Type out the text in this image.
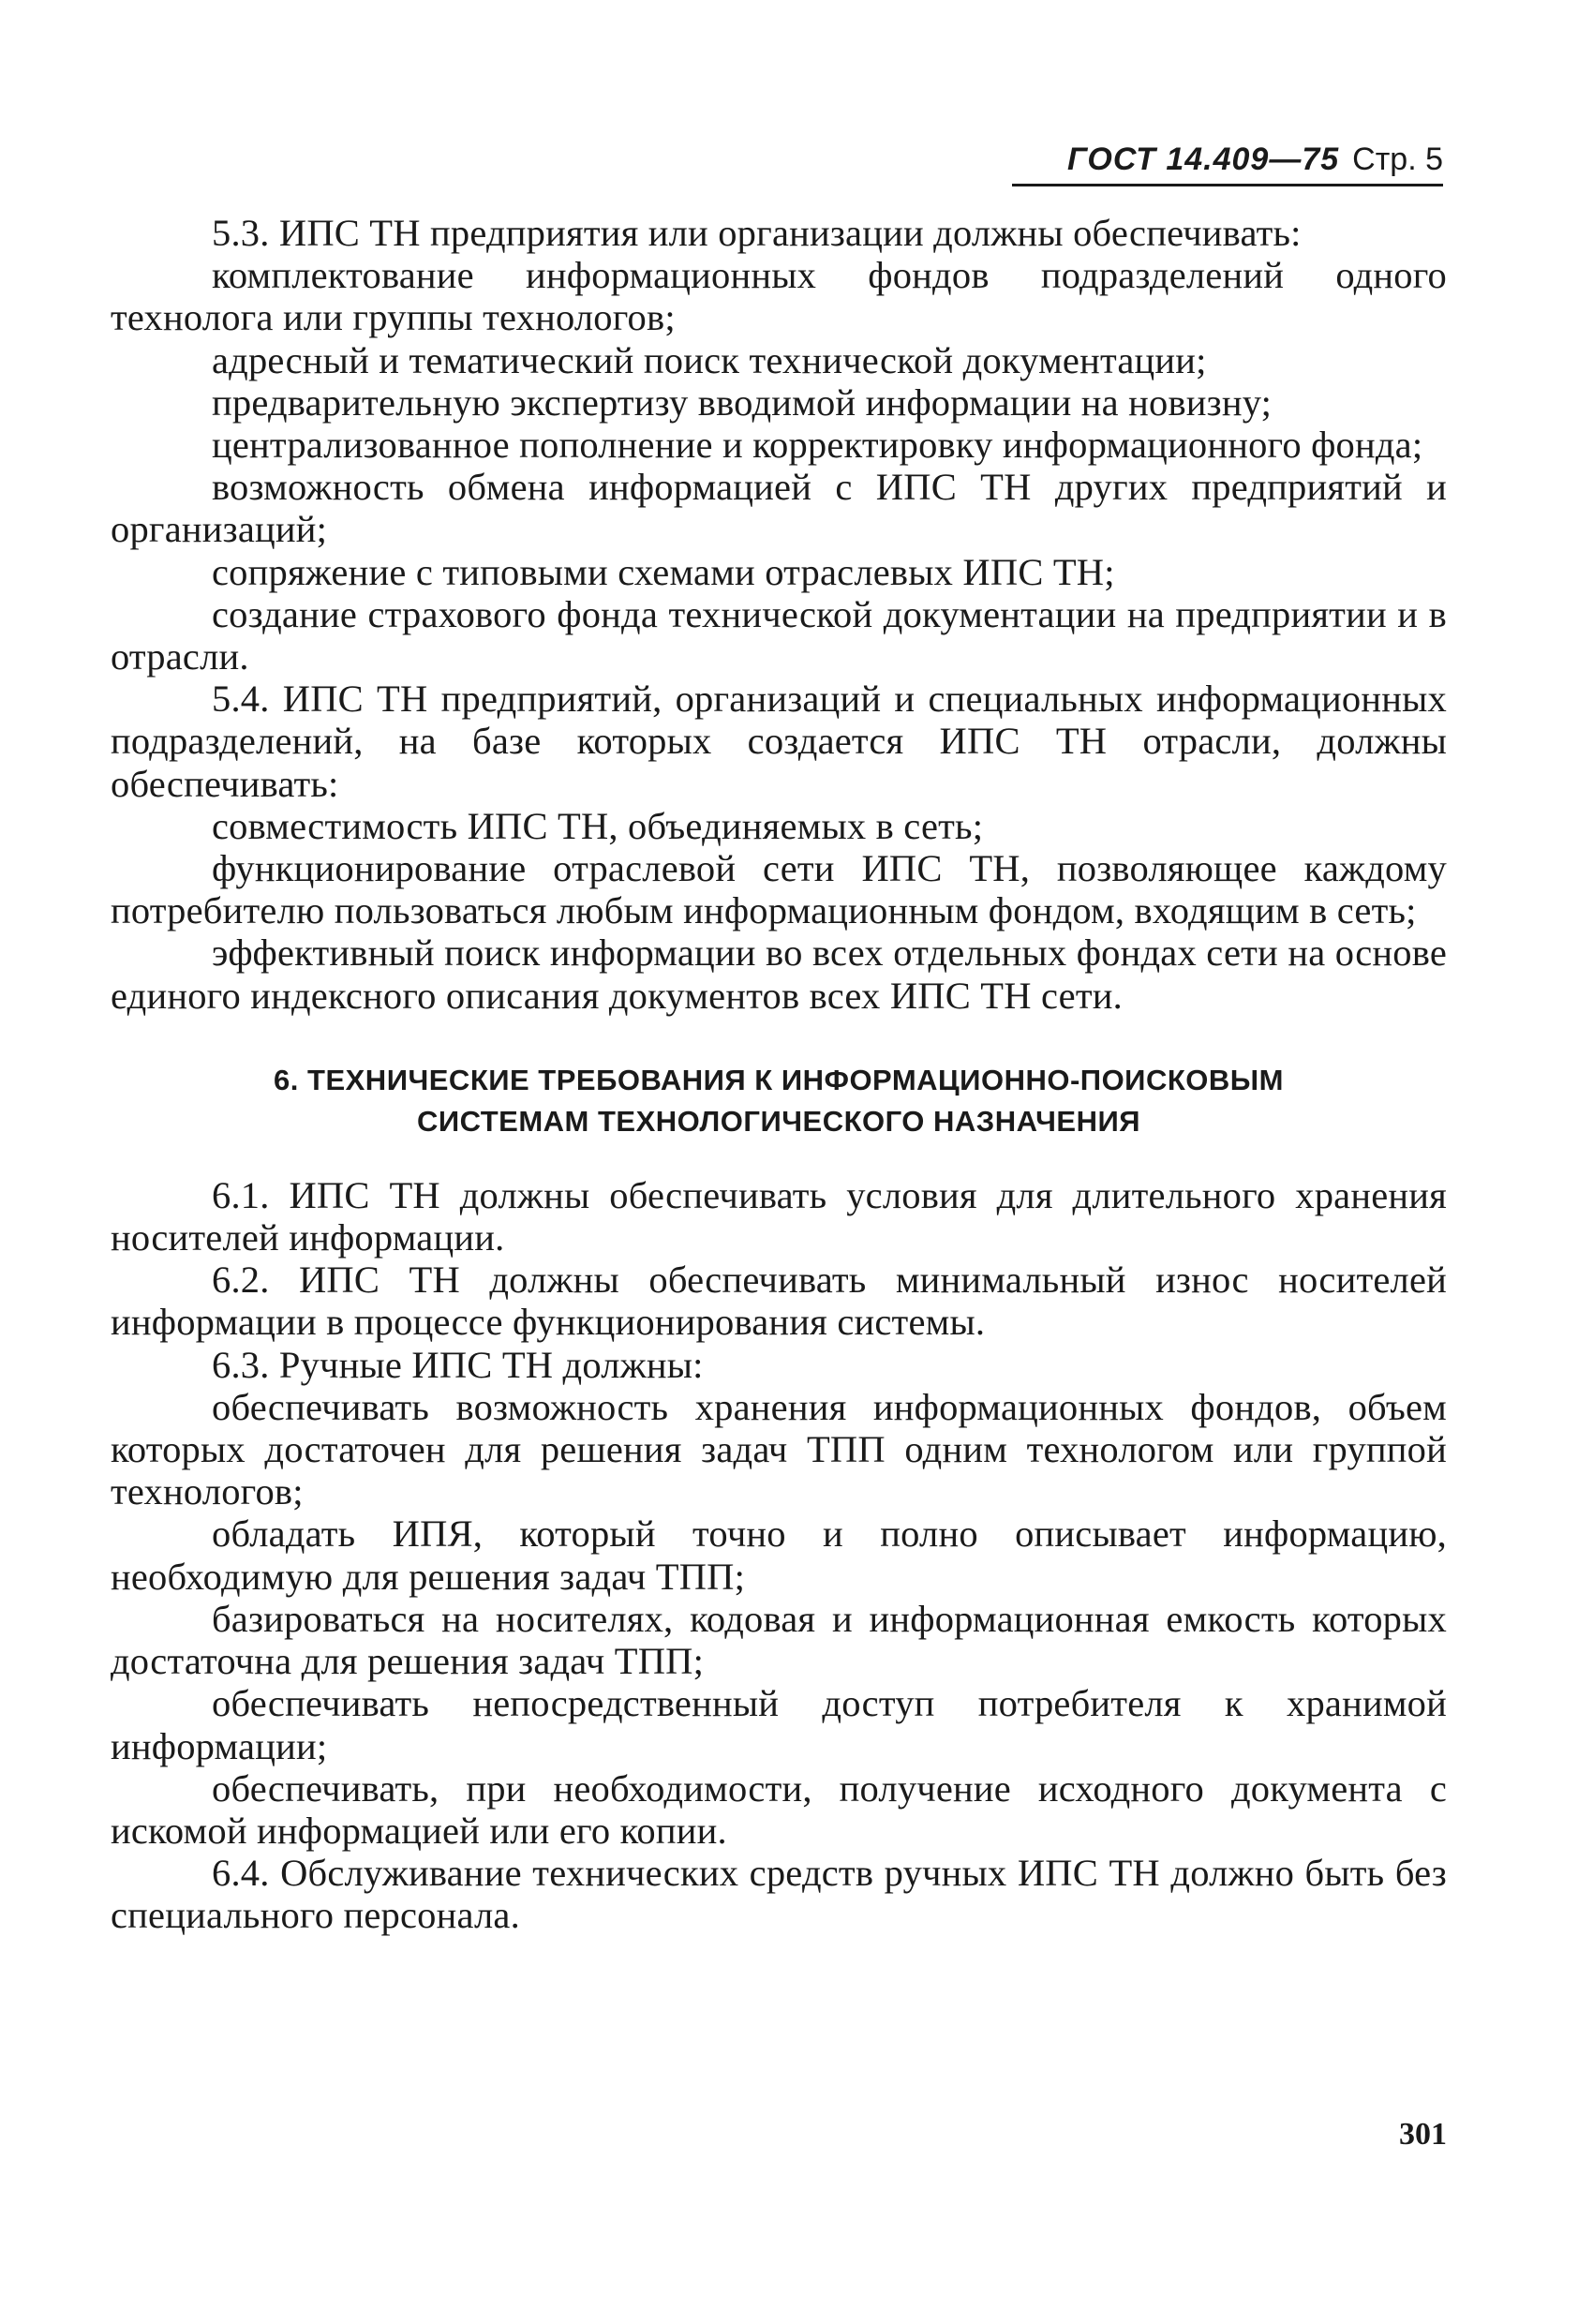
ГОСТ 14.409—75 Стр. 5

5.3. ИПС ТН предприятия или организации должны обеспечивать:

комплектование информационных фондов подразделений одного технолога или группы технологов;

адресный и тематический поиск технической документации;

предварительную экспертизу вводимой информации на новизну;

централизованное пополнение и корректировку информационного фонда;

возможность обмена информацией с ИПС ТН других предприятий и организаций;

сопряжение с типовыми схемами отраслевых ИПС ТН;

создание страхового фонда технической документации на предприятии и в отрасли.

5.4. ИПС ТН предприятий, организаций и специальных информационных подразделений, на базе которых создается ИПС ТН отрасли, должны обеспечивать:

совместимость ИПС ТН, объединяемых в сеть;

функционирование отраслевой сети ИПС ТН, позволяющее каждому потребителю пользоваться любым информационным фондом, входящим в сеть;

эффективный поиск информации во всех отдельных фондах сети на основе единого индексного описания документов всех ИПС ТН сети.

6. ТЕХНИЧЕСКИЕ ТРЕБОВАНИЯ К ИНФОРМАЦИОННО-ПОИСКОВЫМ
СИСТЕМАМ ТЕХНОЛОГИЧЕСКОГО НАЗНАЧЕНИЯ

6.1. ИПС ТН должны обеспечивать условия для длительного хранения носителей информации.

6.2. ИПС ТН должны обеспечивать минимальный износ носителей информации в процессе функционирования системы.

6.3. Ручные ИПС ТН должны:

обеспечивать возможность хранения информационных фондов, объем которых достаточен для решения задач ТПП одним технологом или группой технологов;

обладать ИПЯ, который точно и полно описывает информацию, необходимую для решения задач ТПП;

базироваться на носителях, кодовая и информационная емкость которых достаточна для решения задач ТПП;

обеспечивать непосредственный доступ потребителя к хранимой информации;

обеспечивать, при необходимости, получение исходного документа с искомой информацией или его копии.

6.4. Обслуживание технических средств ручных ИПС ТН должно быть без специального персонала.

301
